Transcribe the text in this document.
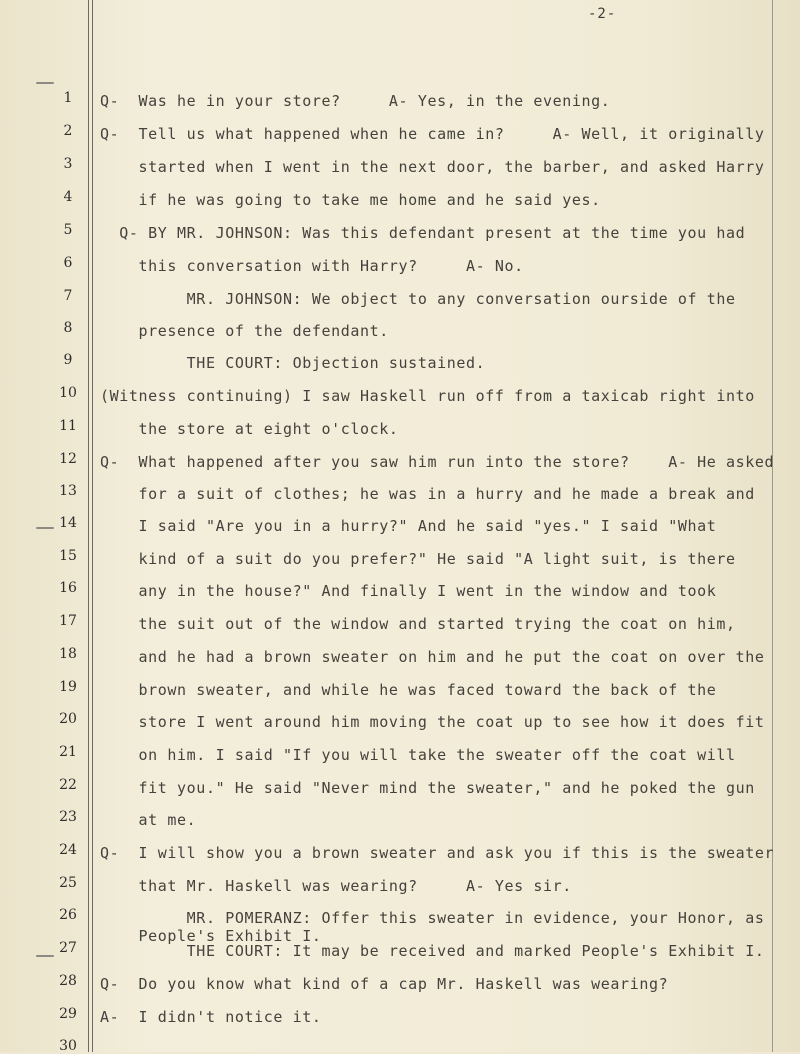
-2-
1
2
3
4
5
6
7
8
9
10
11
12
13
14
15
16
17
18
19
20
21
22
23
24
25
26
27
28
29
30
Q-  Was he in your store?     A- Yes, in the evening.
Q-  Tell us what happened when he came in?     A- Well, it originally
started when I went in the next door, the barber, and asked Harry
if he was going to take me home and he said yes.
Q- BY MR. JOHNSON: Was this defendant present at the time you had
this conversation with Harry?     A- No.
MR. JOHNSON: We object to any conversation ourside of the
presence of the defendant.
THE COURT: Objection sustained.
(Witness continuing) I saw Haskell run off from a taxicab right into
the store at eight o'clock.
Q-  What happened after you saw him run into the store?    A- He asked
for a suit of clothes; he was in a hurry and he made a break and
I said "Are you in a hurry?" And he said "yes." I said "What
kind of a suit do you prefer?" He said "A light suit, is there
any in the house?" And finally I went in the window and took
the suit out of the window and started trying the coat on him,
and he had a brown sweater on him and he put the coat on over the
brown sweater, and while he was faced toward the back of the
store I went around him moving the coat up to see how it does fit
on him. I said "If you will take the sweater off the coat will
fit you." He said "Never mind the sweater," and he poked the gun
at me.
Q-  I will show you a brown sweater and ask you if this is the sweater
that Mr. Haskell was wearing?     A- Yes sir.
MR. POMERANZ: Offer this sweater in evidence, your Honor, as
People's Exhibit I.
THE COURT: It may be received and marked People's Exhibit I.
Q-  Do you know what kind of a cap Mr. Haskell was wearing?
A-  I didn't notice it.
